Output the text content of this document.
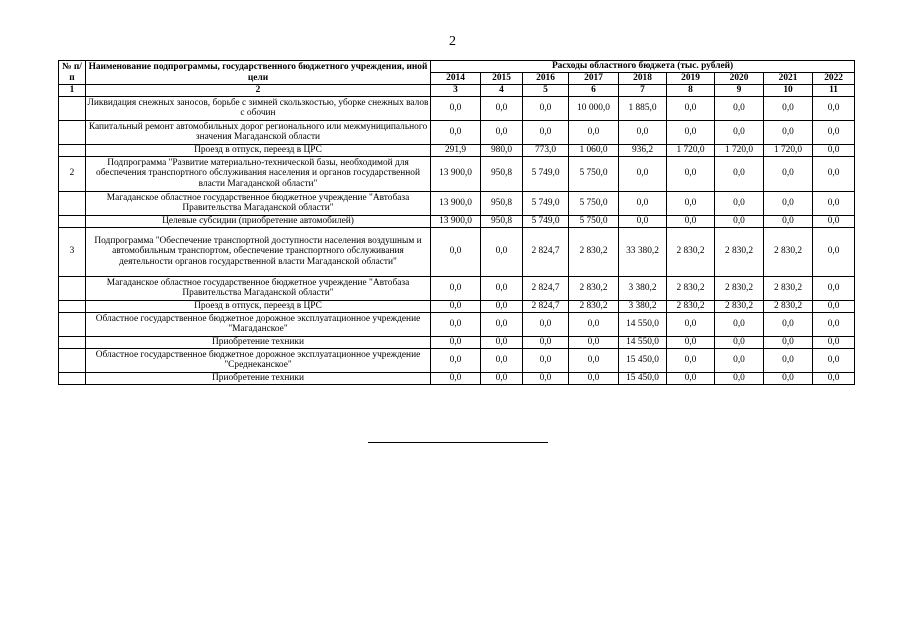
2
№ п/п	Наименование подпрограммы, государственного бюджетного учреждения, иной цели	Расходы областного бюджета (тыс. рублей)								
		2014	2015	2016	2017	2018	2019	2020	2021	2022
1	2	3	4	5	6	7	8	9	10	11
	Ликвидация снежных заносов, борьбе с зимней скользкостью, уборке снежных валов с обочин	0,0	0,0	0,0	10 000,0	1 885,0	0,0	0,0	0,0	0,0
	Капитальный ремонт автомобильных дорог регионального или межмуниципального значения Магаданской области	0,0	0,0	0,0	0,0	0,0	0,0	0,0	0,0	0,0
	Проезд в отпуск, переезд в ЦРС	291,9	980,0	773,0	1 060,0	936,2	1 720,0	1 720,0	1 720,0	0,0
2	Подпрограмма "Развитие материально-технической базы, необходимой для обеспечения транспортного обслуживания населения и органов государственной власти Магаданской области"	13 900,0	950,8	5 749,0	5 750,0	0,0	0,0	0,0	0,0	0,0
	Магаданское областное государственное бюджетное учреждение "Автобаза Правительства Магаданской области"	13 900,0	950,8	5 749,0	5 750,0	0,0	0,0	0,0	0,0	0,0
	Целевые субсидии (приобретение автомобилей)	13 900,0	950,8	5 749,0	5 750,0	0,0	0,0	0,0	0,0	0,0
3	Подпрограмма "Обеспечение транспортной доступности населения воздушным и автомобильным транспортом, обеспечение транспортного обслуживания деятельности органов государственной власти Магаданской области"	0,0	0,0	2 824,7	2 830,2	33 380,2	2 830,2	2 830,2	2 830,2	0,0
	Магаданское областное государственное бюджетное учреждение "Автобаза Правительства Магаданской области"	0,0	0,0	2 824,7	2 830,2	3 380,2	2 830,2	2 830,2	2 830,2	0,0
	Проезд в отпуск, переезд в ЦРС	0,0	0,0	2 824,7	2 830,2	3 380,2	2 830,2	2 830,2	2 830,2	0,0
	Областное государственное бюджетное дорожное эксплуатационное учреждение "Магаданское"	0,0	0,0	0,0	0,0	14 550,0	0,0	0,0	0,0	0,0
	Приобретение техники	0,0	0,0	0,0	0,0	14 550,0	0,0	0,0	0,0	0,0
	Областное государственное бюджетное дорожное эксплуатационное учреждение "Среднеканское"	0,0	0,0	0,0	0,0	15 450,0	0,0	0,0	0,0	0,0
	Приобретение техники	0,0	0,0	0,0	0,0	15 450,0	0,0	0,0	0,0	0,0
